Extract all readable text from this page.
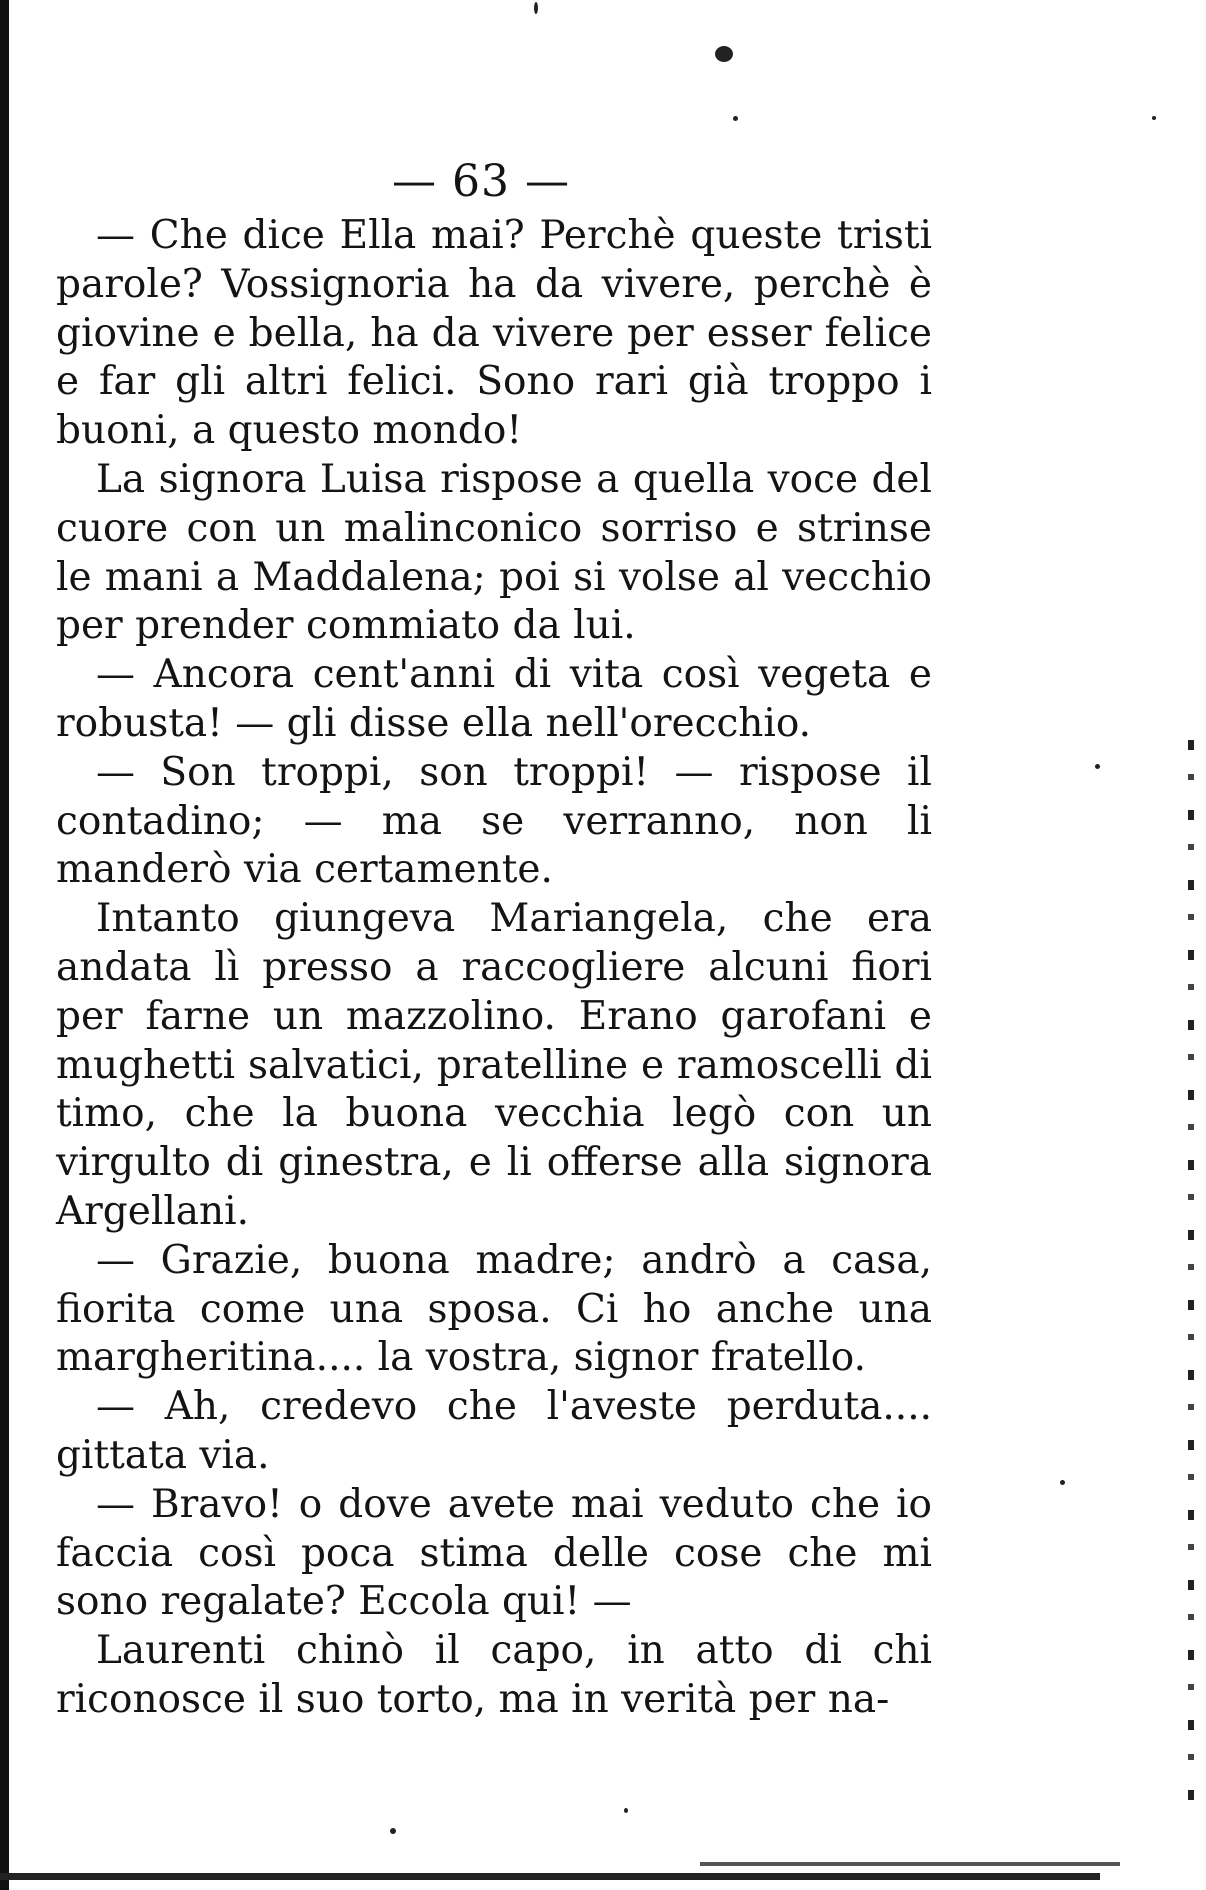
— 63 —

— Che dice Ella mai? Perchè queste tristi parole? Vossignoria ha da vivere, perchè è giovine e bella, ha da vivere per esser felice e far gli altri felici. Sono rari già troppo i buoni, a questo mondo!

La signora Luisa rispose a quella voce del cuore con un malinconico sorriso e strinse le mani a Maddalena; poi si volse al vecchio per prender commiato da lui.

— Ancora cent'anni di vita così vegeta e robusta! — gli disse ella nell'orecchio.

— Son troppi, son troppi! — rispose il contadino; — ma se verranno, non li manderò via certamente.

Intanto giungeva Mariangela, che era andata lì presso a raccogliere alcuni fiori per farne un mazzolino. Erano garofani e mughetti salvatici, pratelline e ramoscelli di timo, che la buona vecchia legò con un virgulto di ginestra, e li offerse alla signora Argellani.

— Grazie, buona madre; andrò a casa, fiorita come una sposa. Ci ho anche una margheritina.... la vostra, signor fratello.

— Ah, credevo che l'aveste perduta.... gittata via.

— Bravo! o dove avete mai veduto che io faccia così poca stima delle cose che mi sono regalate? Eccola qui! —

Laurenti chinò il capo, in atto di chi riconosce il suo torto, ma in verità per na-
